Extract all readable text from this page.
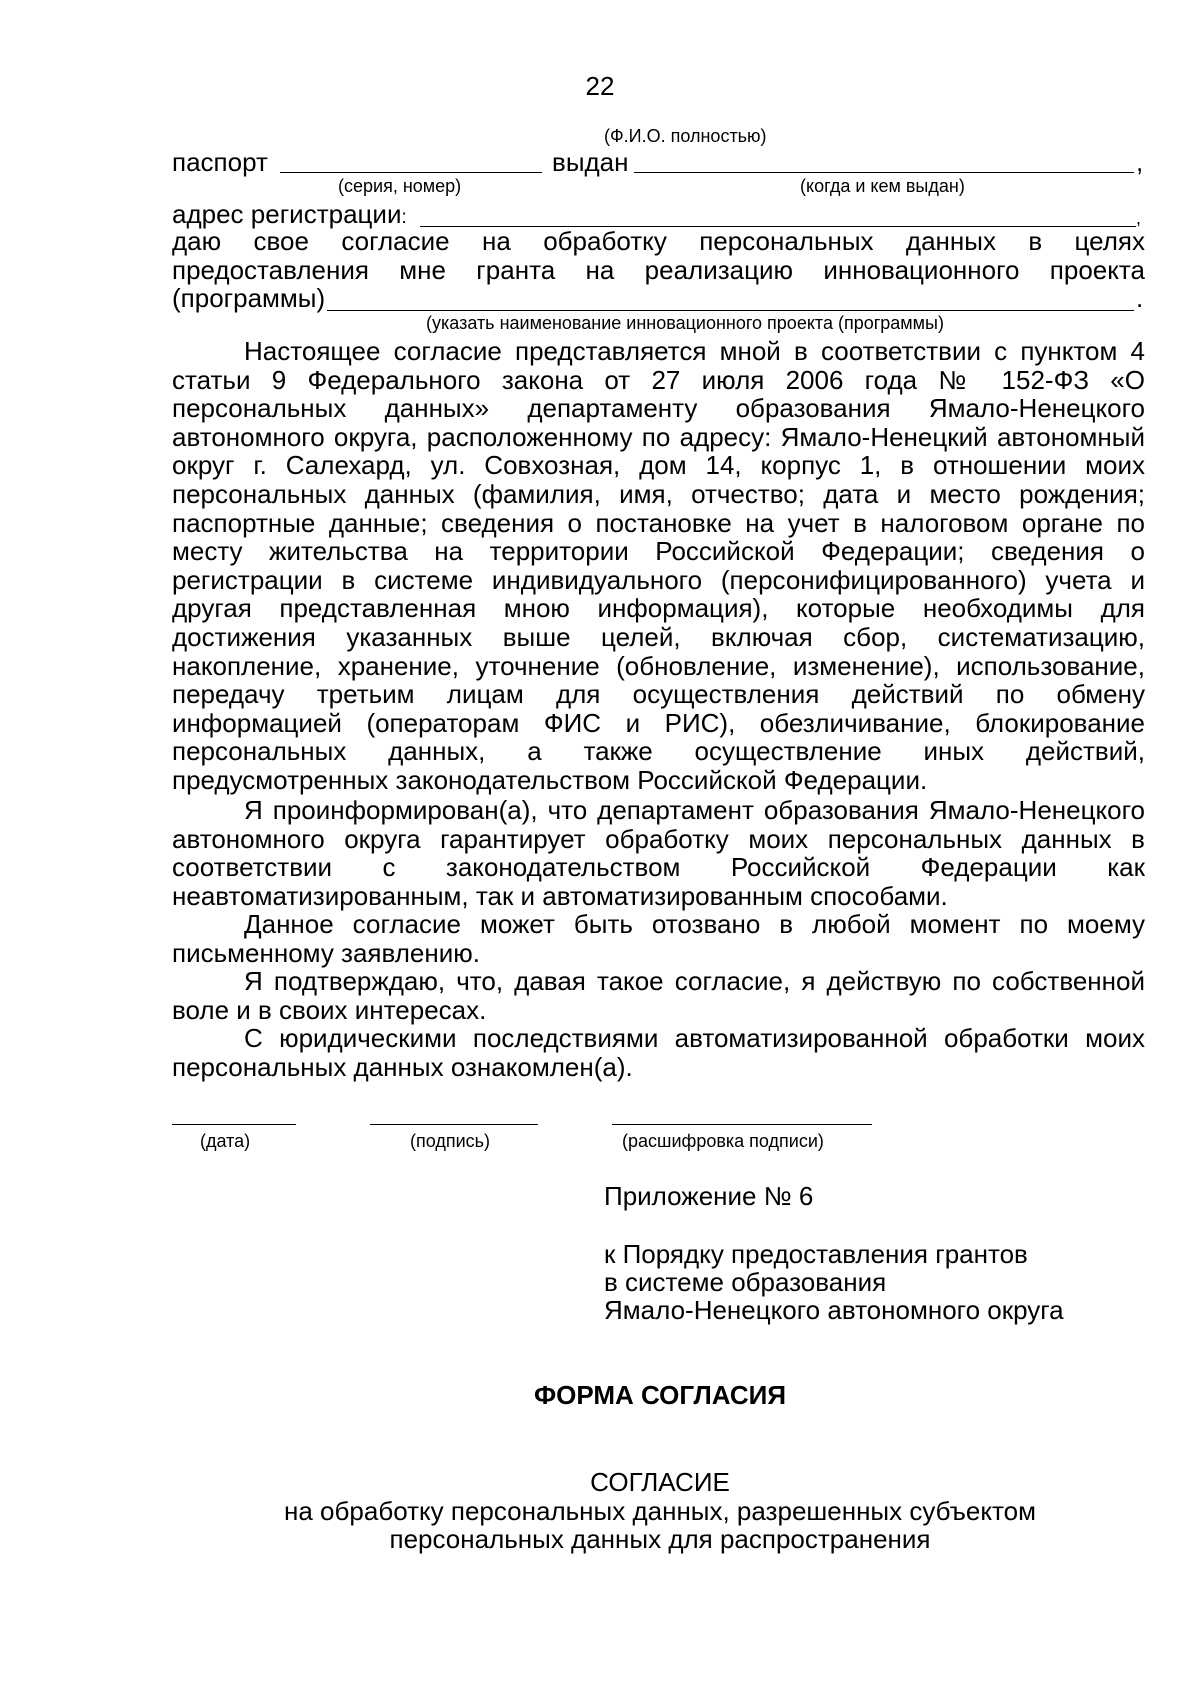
22
(Ф.И.О. полностью)
паспорт	выдан	,
(серия, номер)	(когда и кем выдан)
адрес регистрации:	,
даю свое согласие на обработку персональных данных в целях
предоставления мне гранта на реализацию инновационного проекта
(программы)	.
(указать наименование инновационного проекта (программы)
Настоящее согласие представляется мной в соответствии с пунктом 4 статьи 9 Федерального закона от 27 июля 2006 года № 152-ФЗ «О персональных данных» департаменту образования Ямало-Ненецкого автономного округа, расположенному по адресу: Ямало-Ненецкий автономный округ г. Салехард, ул. Совхозная, дом 14, корпус 1, в отношении моих персональных данных (фамилия, имя, отчество; дата и место рождения; паспортные данные; сведения о постановке на учет в налоговом органе по месту жительства на территории Российской Федерации; сведения о регистрации в системе индивидуального (персонифицированного) учета и другая представленная мною информация), которые необходимы для достижения указанных выше целей, включая сбор, систематизацию, накопление, хранение, уточнение (обновление, изменение), использование, передачу третьим лицам для осуществления действий по обмену информацией (операторам ФИС и РИС), обезличивание, блокирование персональных данных, а также осуществление иных действий, предусмотренных законодательством Российской Федерации.
Я проинформирован(а), что департамент образования Ямало-Ненецкого автономного округа гарантирует обработку моих персональных данных в соответствии с законодательством Российской Федерации как неавтоматизированным, так и автоматизированным способами.
Данное согласие может быть отозвано в любой момент по моему письменному заявлению.
Я подтверждаю, что, давая такое согласие, я действую по собственной воле и в своих интересах.
С юридическими последствиями автоматизированной обработки моих персональных данных ознакомлен(а).
(дата)	(подпись)	(расшифровка подписи)
Приложение № 6
к Порядку предоставления грантов
в системе образования
Ямало-Ненецкого автономного округа
ФОРМА СОГЛАСИЯ
СОГЛАСИЕ
на обработку персональных данных, разрешенных субъектом
персональных данных для распространения
